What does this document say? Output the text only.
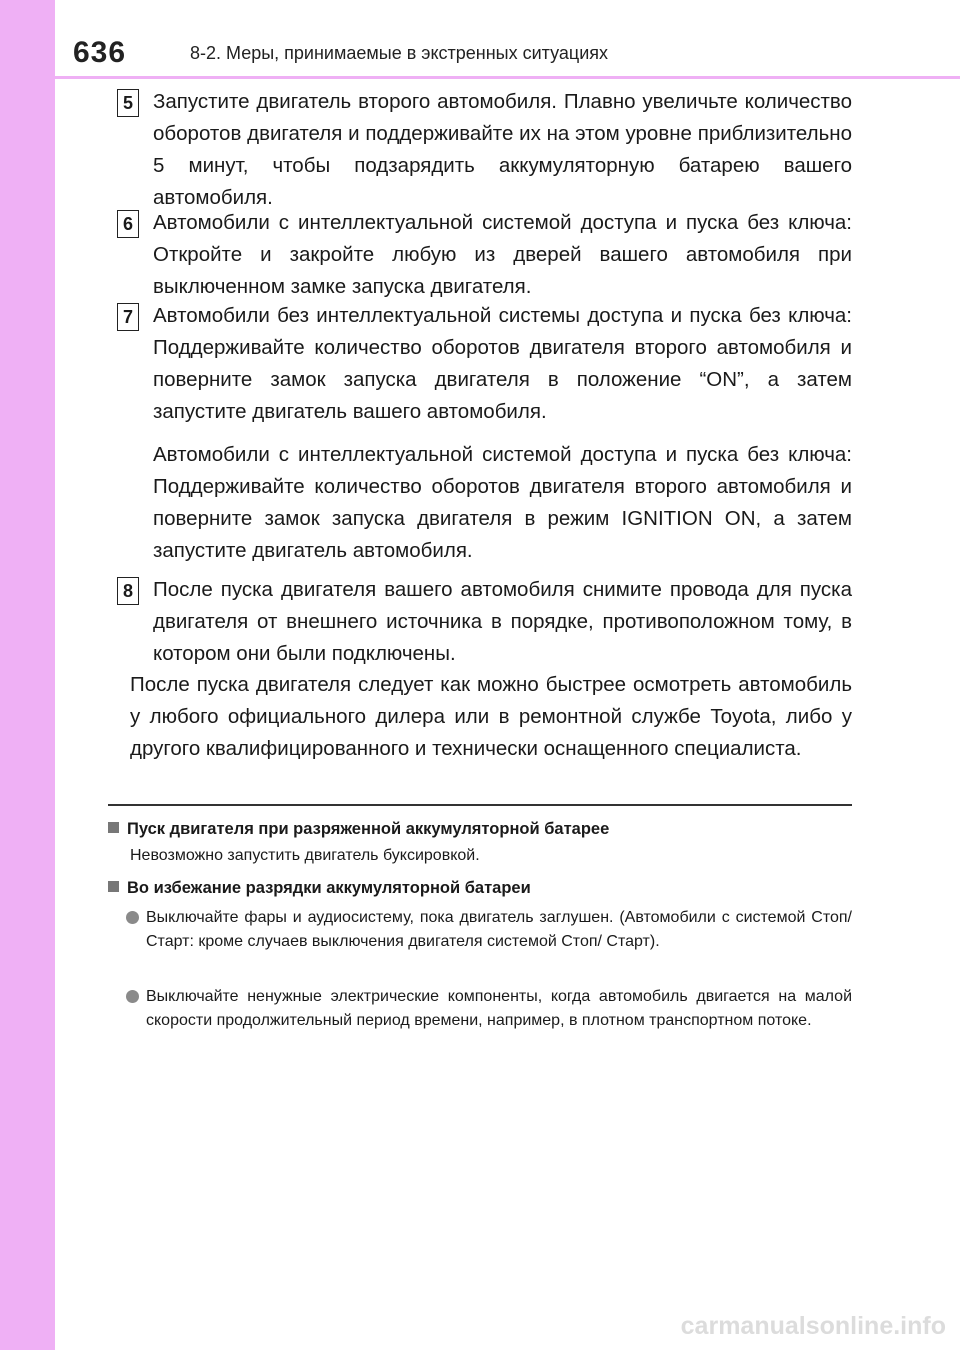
636	8-2. Меры, принимаемые в экстренных ситуациях
5 Запустите двигатель второго автомобиля. Плавно увеличьте количество оборотов двигателя и поддерживайте их на этом уровне приблизительно 5 минут, чтобы подзарядить аккумуляторную батарею вашего автомобиля.
6 Автомобили с интеллектуальной системой доступа и пуска без ключа: Откройте и закройте любую из дверей вашего автомобиля при выключенном замке запуска двигателя.
7 Автомобили без интеллектуальной системы доступа и пуска без ключа: Поддерживайте количество оборотов двигателя второго автомобиля и поверните замок запуска двигателя в положение “ON”, а затем запустите двигатель вашего автомобиля.
Автомобили с интеллектуальной системой доступа и пуска без ключа: Поддерживайте количество оборотов двигателя второго автомобиля и поверните замок запуска двигателя в режим IGNITION ON, а затем запустите двигатель автомобиля.
8 После пуска двигателя вашего автомобиля снимите провода для пуска двигателя от внешнего источника в порядке, противоположном тому, в котором они были подключены.
После пуска двигателя следует как можно быстрее осмотреть автомобиль у любого официального дилера или в ремонтной службе Toyota, либо у другого квалифицированного и технически оснащенного специалиста.
Пуск двигателя при разряженной аккумуляторной батарее
Невозможно запустить двигатель буксировкой.
Во избежание разрядки аккумуляторной батареи
Выключайте фары и аудиосистему, пока двигатель заглушен. (Автомобили с системой Стоп/Старт: кроме случаев выключения двигателя системой Стоп/ Старт).
Выключайте ненужные электрические компоненты, когда автомобиль двигается на малой скорости продолжительный период времени, например, в плотном транспортном потоке.
carmanualsonline.info
